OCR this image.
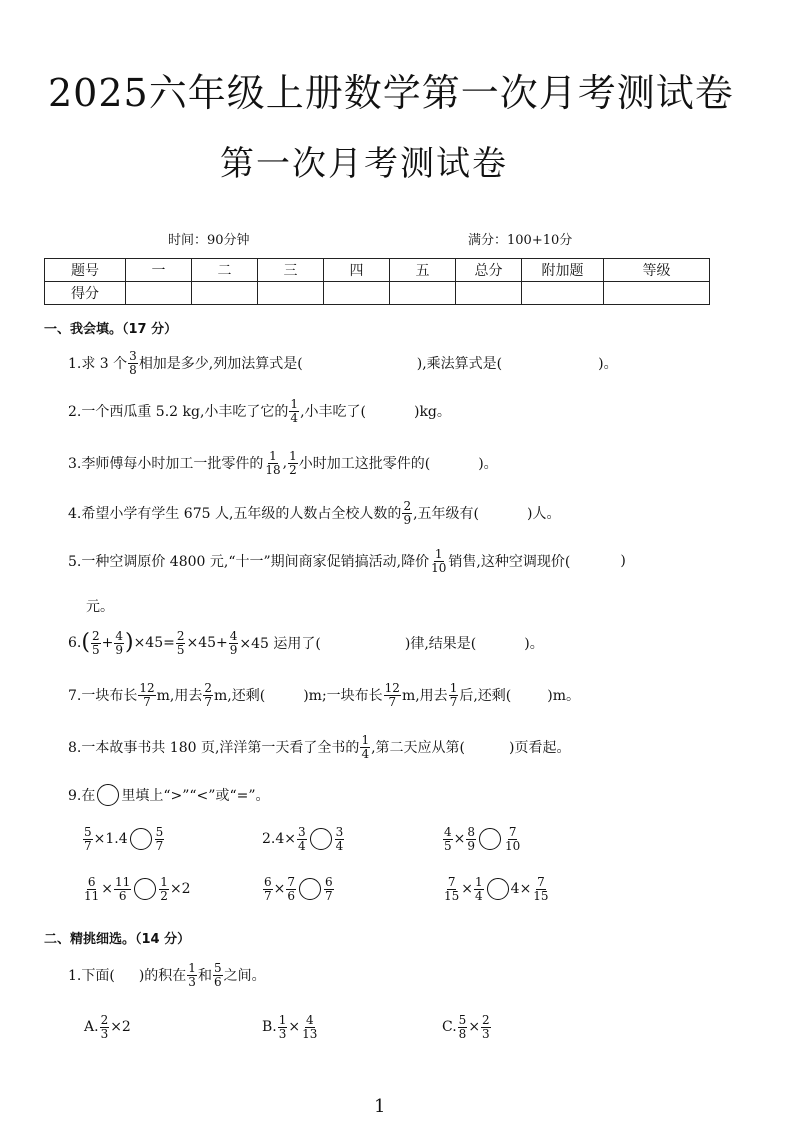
2025六年级上册数学第一次月考测试卷
第一次月考测试卷
时间：90分钟	满分：100+10分
题号	一	二	三	四	五	总分	附加题	等级
得分								
一、我会填。（17 分）
1.求 3 个 $\frac{3}{8}$ 相加是多少,列加法算式是(	),乘法算式是(	)。
2.一个西瓜重 5.2 kg,小丰吃了它的 $\frac{1}{4}$ ,小丰吃了(	)kg。
3.李师傅每小时加工一批零件的 $\frac{1}{18}$ , $\frac{1}{2}$ 小时加工这批零件的(	)。
4.希望小学有学生 675 人,五年级的人数占全校人数的 $\frac{2}{9}$ ,五年级有(	)人。
5.一种空调原价 4800 元,“十一”期间商家促销搞活动,降价 $\frac{1}{10}$ 销售,这种空调现价(	)
元。
6. ( $\frac{2}{5} + \frac{4}{9}$ ) $\times 45= \frac{2}{5} \times 45+ \frac{4}{9} \times 45$ 运用了(	)律,结果是(	)。
7.一块布长 $\frac{12}{7} m$,用去 $\frac{2}{7} m$,还剩(	)m;一块布长 $\frac{12}{7} m$,用去 $\frac{1}{7}$ 后,还剩(	)m。
8.一本故事书共 180 页,洋洋第一天看了全书的 $\frac{1}{4}$ ,第二天应从第(	)页看起。
9.在 里填上“>”“<”或“=”。
$\frac{5}{7} \times 1.4 \frac{5}{7}$	$2.4\times \frac{3}{4} \frac{3}{4}$	$\frac{4}{5} \times \frac{8}{9} \frac{7}{10}$
$\frac{6}{11} \times \frac{11}{6} \frac{1}{2} \times 2$	$\frac{6}{7} \times \frac{7}{6} \frac{6}{7}$	$\frac{7}{15} \times \frac{1}{4} 4\times \frac{7}{15}$
二、精挑细选。（14 分）
1.下面( )的积在 $\frac{1}{3}$ 和 $\frac{5}{6}$ 之间。
A. $\frac{2}{3} \times 2$	B. $\frac{1}{3} \times \frac{4}{13}$	C. $\frac{5}{8} \times \frac{2}{3}$
1
